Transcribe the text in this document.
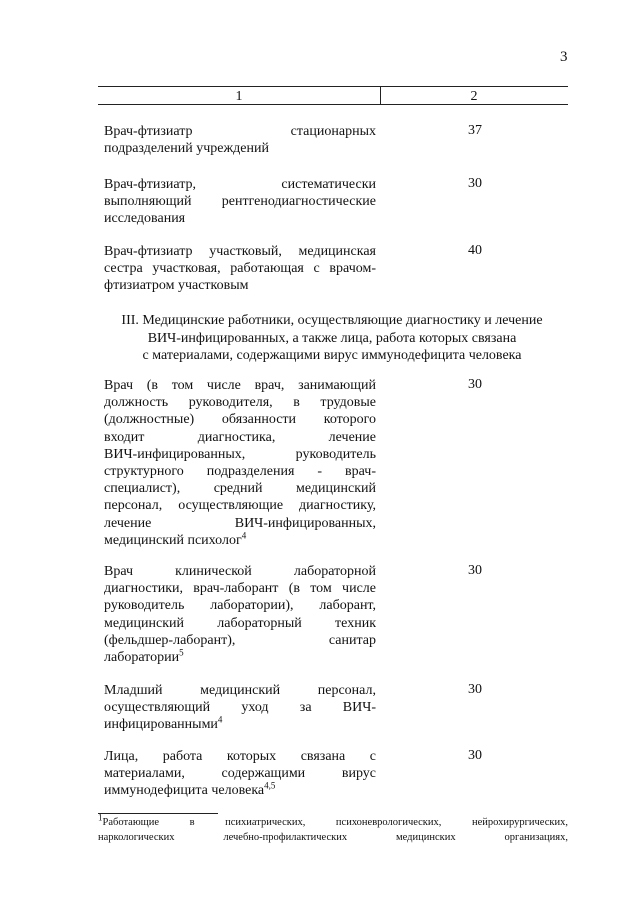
3
1	2
Врач-фтизиатр стационарных
подразделений учреждений
37
Врач-фтизиатр, систематически
выполняющий рентгенодиагностические
исследования
30
Врач-фтизиатр участковый, медицинская
сестра участковая, работающая с врачом-
фтизиатром участковым
40
III. Медицинские работники, осуществляющие диагностику и лечение
ВИЧ-инфицированных, а также лица, работа которых связана
с материалами, содержащими вирус иммунодефицита человека
Врач (в том числе врач, занимающий
должность руководителя, в трудовые
(должностные) обязанности которого
входит диагностика, лечение
ВИЧ-инфицированных, руководитель
структурного подразделения - врач-
специалист), средний медицинский
персонал, осуществляющие диагностику,
лечение ВИЧ-инфицированных,
медицинский психолог$^4$
30
Врач клинической лабораторной
диагностики, врач-лаборант (в том числе
руководитель лаборатории), лаборант,
медицинский лабораторный техник
(фельдшер-лаборант), санитар
лаборатории$^5$
30
Младший медицинский персонал,
осуществляющий уход за ВИЧ-
инфицированными$^4$
30
Лица, работа которых связана с
материалами, содержащими вирус
иммунодефицита человека$^{4,5}$
30
$^1$Работающие в психиатрических, психоневрологических, нейрохирургических,
наркологических лечебно-профилактических медицинских организациях,
